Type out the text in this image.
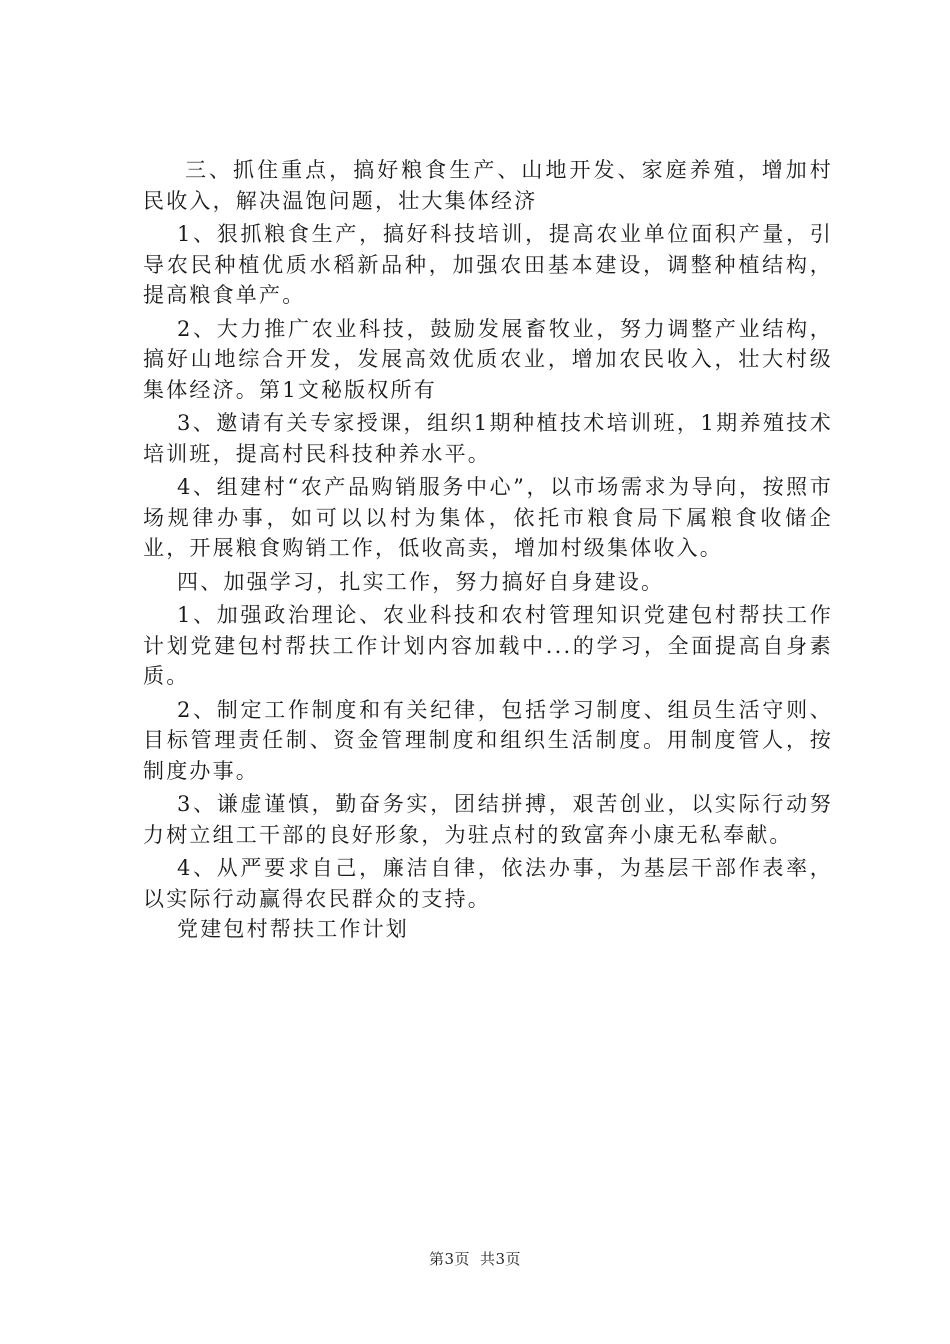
三、抓住重点，搞好粮食生产、山地开发、家庭养殖，增加村民收入，解决温饱问题，壮大集体经济

1、狠抓粮食生产，搞好科技培训，提高农业单位面积产量，引导农民种植优质水稻新品种，加强农田基本建设，调整种植结构，提高粮食单产。

2、大力推广农业科技，鼓励发展畜牧业，努力调整产业结构，搞好山地综合开发，发展高效优质农业，增加农民收入，壮大村级集体经济。第1文秘版权所有

3、邀请有关专家授课，组织1期种植技术培训班，1期养殖技术培训班，提高村民科技种养水平。

4、组建村“农产品购销服务中心”，以市场需求为导向，按照市场规律办事，如可以以村为集体，依托市粮食局下属粮食收储企业，开展粮食购销工作，低收高卖，增加村级集体收入。

四、加强学习，扎实工作，努力搞好自身建设。

1、加强政治理论、农业科技和农村管理知识党建包村帮扶工作计划党建包村帮扶工作计划内容加载中...的学习，全面提高自身素质。

2、制定工作制度和有关纪律，包括学习制度、组员生活守则、目标管理责任制、资金管理制度和组织生活制度。用制度管人，按制度办事。

3、谦虚谨慎，勤奋务实，团结拼搏，艰苦创业，以实际行动努力树立组工干部的良好形象，为驻点村的致富奔小康无私奉献。

4、从严要求自己，廉洁自律，依法办事，为基层干部作表率，以实际行动赢得农民群众的支持。

党建包村帮扶工作计划

第3页 共3页
